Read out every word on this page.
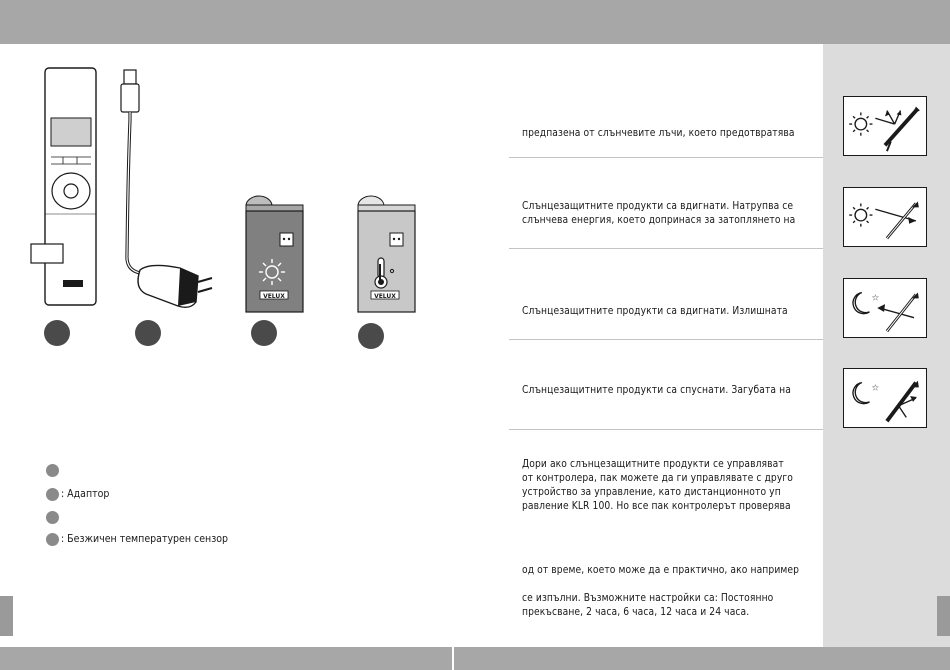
VELUX	VELUX
: Адаптор
: Безжичен температурен сензор
предпазена от слънчевите лъчи, което предотвратява
Слънцезащитните продукти са вдигнати. Натрупва се
слънчева енергия, което допринася за затоплянето на
Слънцезащитните продукти са вдигнати. Излишната
Слънцезащитните продукти са спуснати. Загубата на
Дори ако слънцезащитните продукти се управляват
от контролера, пак можете да ги управлявате с друго
устройство за управление, като дистанционното уп
равление KLR 100. Но все пак контролерът проверява
од от време, което може да е практично, ако например
се изпълни. Възможните настройки са: Постоянно
прекъсване, 2 часа, 6 часа, 12 часа и 24 часа.
☆
☆
